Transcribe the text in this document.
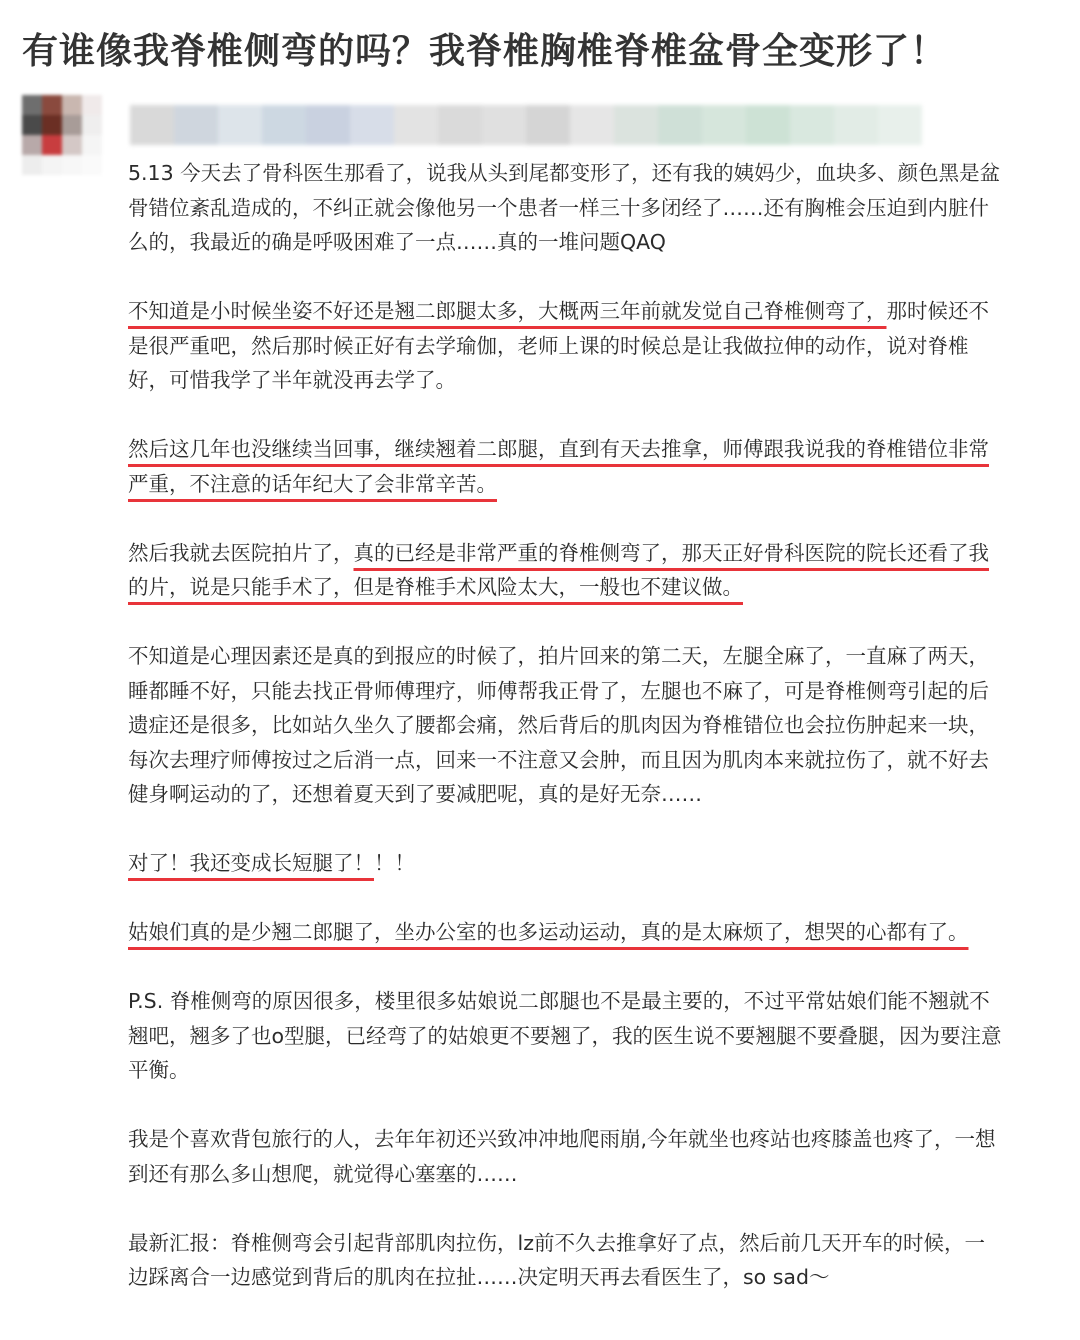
有谁像我脊椎侧弯的吗？我脊椎胸椎脊椎盆骨全变形了！

5.13 今天去了骨科医生那看了，说我从头到尾都变形了，还有我的姨妈少，血块多、颜色黑是盆

骨错位紊乱造成的，不纠正就会像他另一个患者一样三十多闭经了……还有胸椎会压迫到内脏什

么的，我最近的确是呼吸困难了一点……真的一堆问题QAQ

不知道是小时候坐姿不好还是翘二郎腿太多，大概两三年前就发觉自己脊椎侧弯了，那时候还不

是很严重吧，然后那时候正好有去学瑜伽，老师上课的时候总是让我做拉伸的动作，说对脊椎

好，可惜我学了半年就没再去学了。

然后这几年也没继续当回事，继续翘着二郎腿，直到有天去推拿，师傅跟我说我的脊椎错位非常

严重，不注意的话年纪大了会非常辛苦。

然后我就去医院拍片了，真的已经是非常严重的脊椎侧弯了，那天正好骨科医院的院长还看了我

的片，说是只能手术了，但是脊椎手术风险太大，一般也不建议做。

不知道是心理因素还是真的到报应的时候了，拍片回来的第二天，左腿全麻了，一直麻了两天，

睡都睡不好，只能去找正骨师傅理疗，师傅帮我正骨了，左腿也不麻了，可是脊椎侧弯引起的后

遗症还是很多，比如站久坐久了腰都会痛，然后背后的肌肉因为脊椎错位也会拉伤肿起来一块，

每次去理疗师傅按过之后消一点，回来一不注意又会肿，而且因为肌肉本来就拉伤了，就不好去

健身啊运动的了，还想着夏天到了要减肥呢，真的是好无奈……

对了！我还变成长短腿了！！！

姑娘们真的是少翘二郎腿了，坐办公室的也多运动运动，真的是太麻烦了，想哭的心都有了。

P.S. 脊椎侧弯的原因很多，楼里很多姑娘说二郎腿也不是最主要的，不过平常姑娘们能不翘就不

翘吧，翘多了也o型腿，已经弯了的姑娘更不要翘了，我的医生说不要翘腿不要叠腿，因为要注意

平衡。

我是个喜欢背包旅行的人，去年年初还兴致冲冲地爬雨崩,今年就坐也疼站也疼膝盖也疼了，一想

到还有那么多山想爬，就觉得心塞塞的……

最新汇报：脊椎侧弯会引起背部肌肉拉伤，lz前不久去推拿好了点，然后前几天开车的时候，一

边踩离合一边感觉到背后的肌肉在拉扯……决定明天再去看医生了，so sad～
